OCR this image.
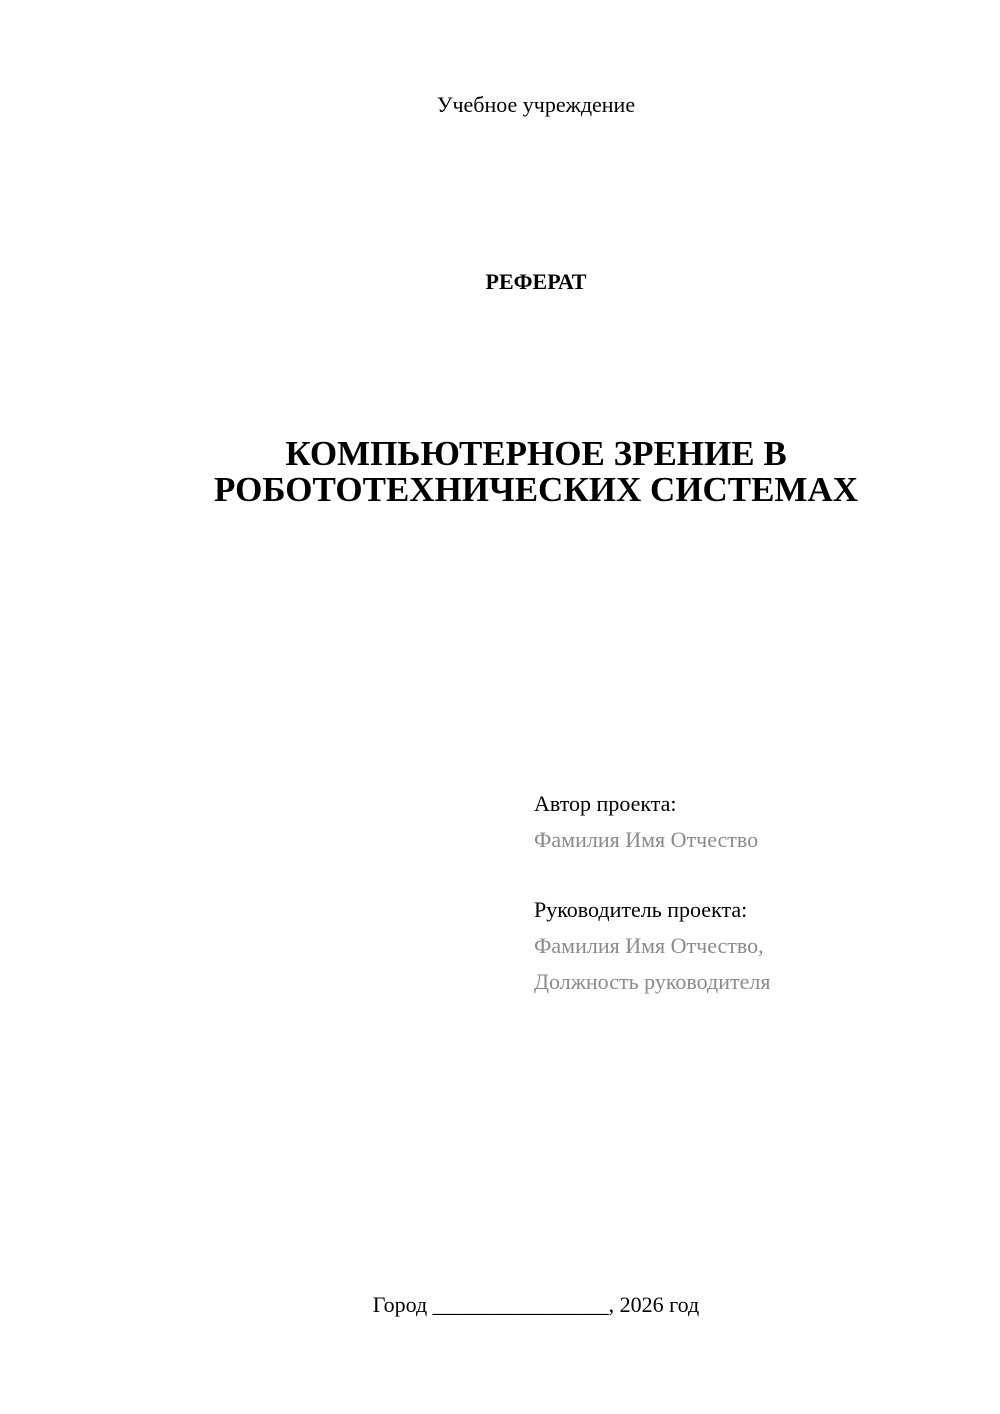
Учебное учреждение
РЕФЕРАТ
КОМПЬЮТЕРНОЕ ЗРЕНИЕ В
РОБОТОТЕХНИЧЕСКИХ СИСТЕМАХ
Автор проекта:
Фамилия Имя Отчество
Руководитель проекта:
Фамилия Имя Отчество,
Должность руководителя
Город ________________, 2026 год
